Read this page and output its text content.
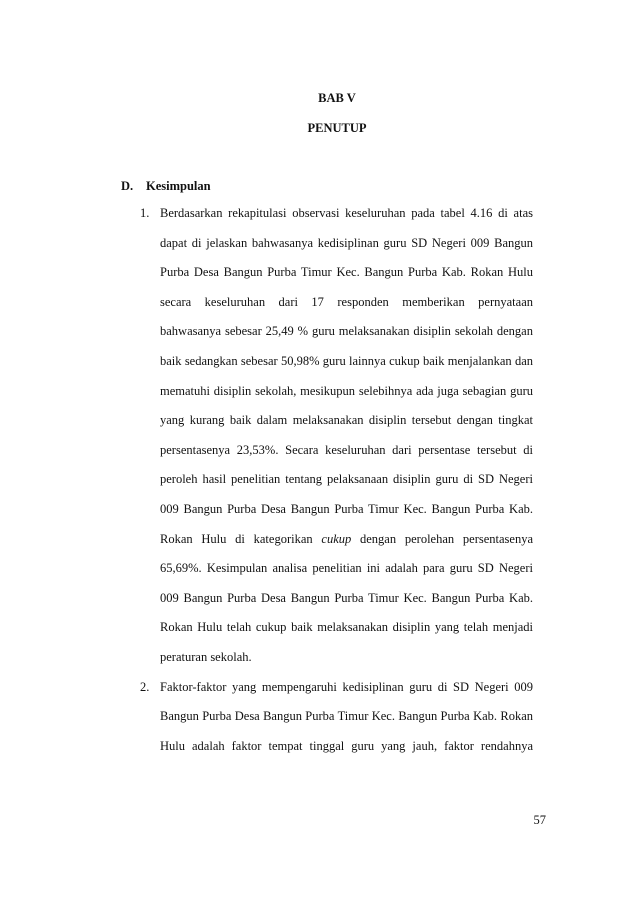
BAB V
PENUTUP
D. Kesimpulan
1. Berdasarkan rekapitulasi observasi keseluruhan pada tabel 4.16 di atas dapat di jelaskan bahwasanya kedisiplinan guru SD Negeri 009 Bangun Purba Desa Bangun Purba Timur Kec. Bangun Purba Kab. Rokan Hulu secara keseluruhan dari 17 responden memberikan pernyataan bahwasanya sebesar 25,49 % guru melaksanakan disiplin sekolah dengan baik sedangkan sebesar 50,98% guru lainnya cukup baik menjalankan dan mematuhi disiplin sekolah, mesikupun selebihnya ada juga sebagian guru yang kurang baik dalam melaksanakan disiplin tersebut dengan tingkat persentasenya 23,53%. Secara keseluruhan dari persentase tersebut di peroleh hasil penelitian tentang pelaksanaan disiplin guru di SD Negeri 009 Bangun Purba Desa Bangun Purba Timur Kec. Bangun Purba Kab. Rokan Hulu di kategorikan cukup dengan perolehan persentasenya 65,69%. Kesimpulan analisa penelitian ini adalah para guru SD Negeri 009 Bangun Purba Desa Bangun Purba Timur Kec. Bangun Purba Kab. Rokan Hulu telah cukup baik melaksanakan disiplin yang telah menjadi peraturan sekolah.
2. Faktor-faktor yang mempengaruhi kedisiplinan guru di SD Negeri 009 Bangun Purba Desa Bangun Purba Timur Kec. Bangun Purba Kab. Rokan Hulu adalah faktor tempat tinggal guru yang jauh, faktor rendahnya
57
